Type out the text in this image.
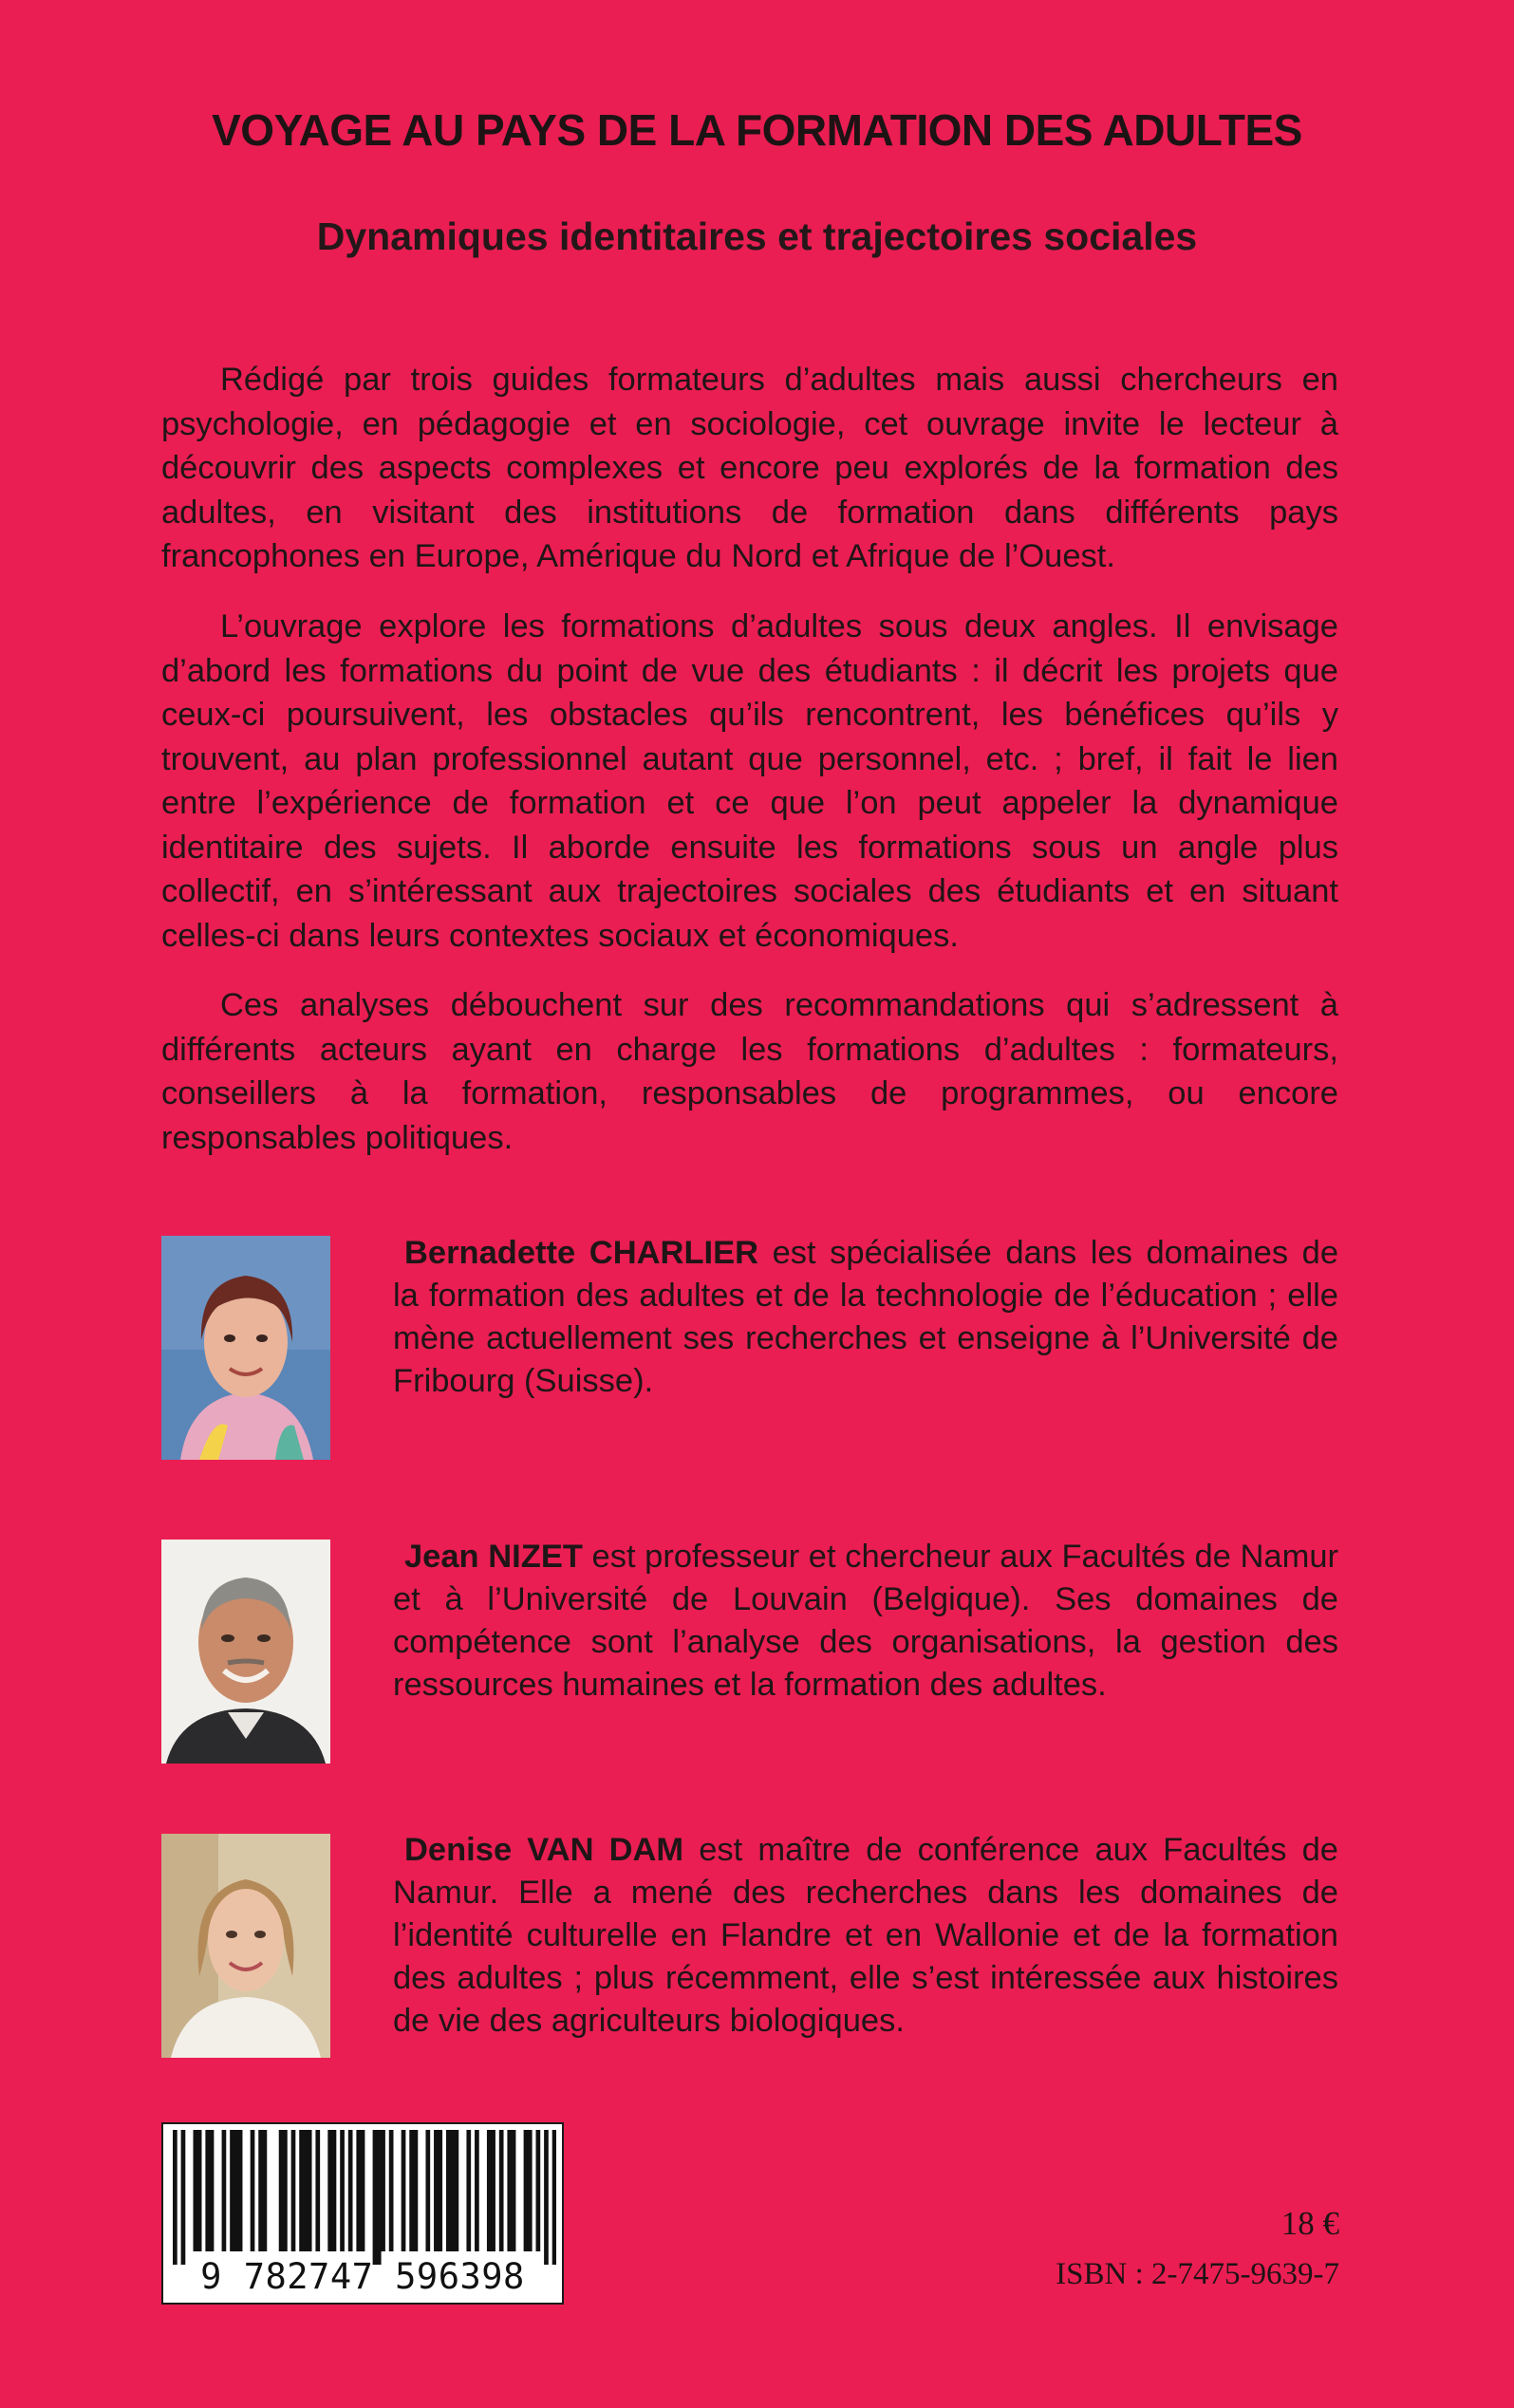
VOYAGE AU PAYS DE LA FORMATION DES ADULTES
Dynamiques identitaires et trajectoires sociales

Rédigé par trois guides formateurs d’adultes mais aussi chercheurs en psychologie, en pédagogie et en sociologie, cet ouvrage invite le lecteur à découvrir des aspects complexes et encore peu explorés de la formation des adultes, en visitant des institutions de formation dans différents pays francophones en Europe, Amérique du Nord et Afrique de l’Ouest.

L’ouvrage explore les formations d’adultes sous deux angles. Il envisage d’abord les formations du point de vue des étudiants : il décrit les projets que ceux-ci poursuivent, les obstacles qu’ils rencontrent, les bénéfices qu’ils y trouvent, au plan professionnel autant que personnel, etc. ; bref, il fait le lien entre l’expérience de formation et ce que l’on peut appeler la dynamique identitaire des sujets. Il aborde ensuite les formations sous un angle plus collectif, en s’intéressant aux trajectoires sociales des étudiants et en situant celles-ci dans leurs contextes sociaux et économiques.

Ces analyses débouchent sur des recommandations qui s’adressent à différents acteurs ayant en charge les formations d’adultes : formateurs, conseillers à la formation, responsables de programmes, ou encore responsables politiques.

Bernadette CHARLIER est spécialisée dans les domaines de la formation des adultes et de la technologie de l’éducation ; elle mène actuellement ses recherches et enseigne à l’Université de Fribourg (Suisse).

Jean NIZET est professeur et chercheur aux Facultés de Namur et à l’Université de Louvain (Belgique). Ses domaines de compétence sont l’analyse des organisations, la gestion des ressources humaines et la formation des adultes.

Denise VAN DAM est maître de conférence aux Facultés de Namur. Elle a mené des recherches dans les domaines de l’identité culturelle en Flandre et en Wallonie et de la formation des adultes ; plus récemment, elle s’est intéressée aux histoires de vie des agriculteurs biologiques.

9 782747 596398
18 €
ISBN : 2-7475-9639-7
